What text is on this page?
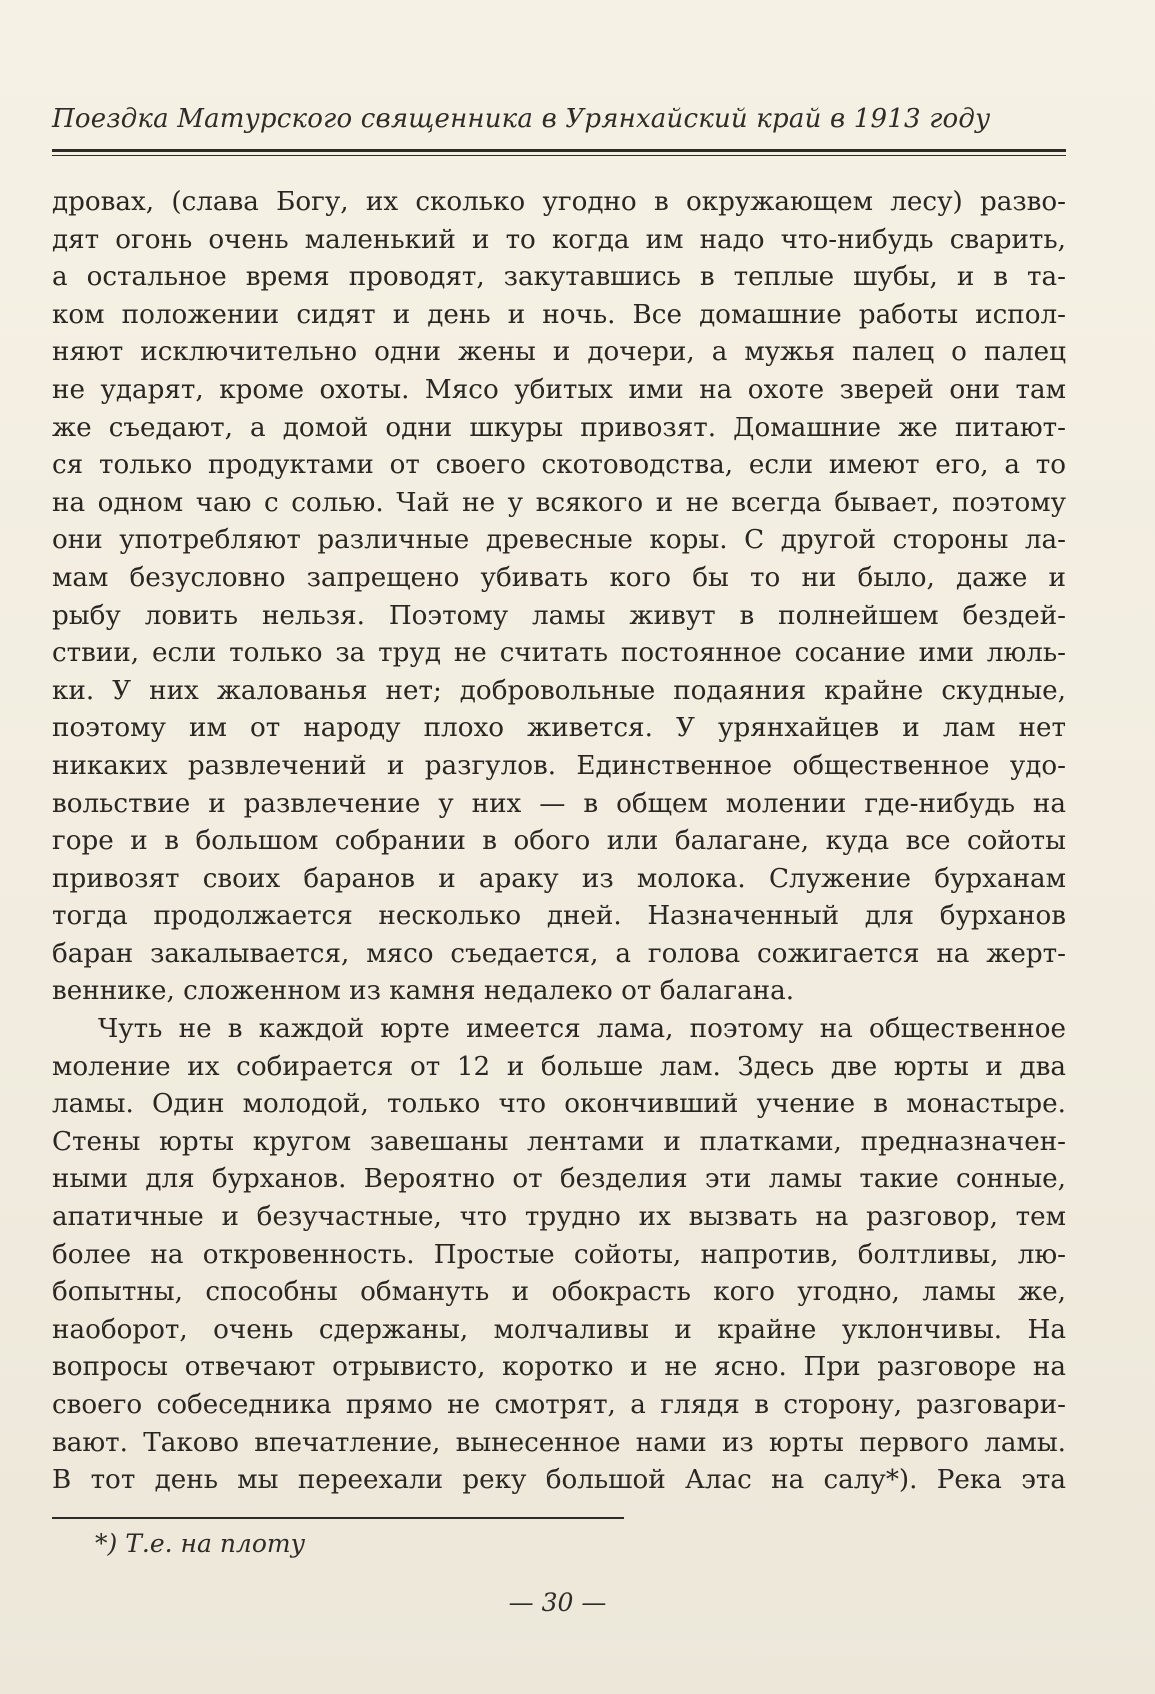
Поездка Матурского священника в Урянхайский край в 1913 году
дровах, (слава Богу, их сколько угодно в окружающем лесу) разво-
дят огонь очень маленький и то когда им надо что-нибудь сварить,
а остальное время проводят, закутавшись в теплые шубы, и в та-
ком положении сидят и день и ночь. Все домашние работы испол-
няют исключительно одни жены и дочери, а мужья палец о палец
не ударят, кроме охоты. Мясо убитых ими на охоте зверей они там
же съедают, а домой одни шкуры привозят. Домашние же питают-
ся только продуктами от своего скотоводства, если имеют его, а то
на одном чаю с солью. Чай не у всякого и не всегда бывает, поэтому
они употребляют различные древесные коры. С другой стороны ла-
мам безусловно запрещено убивать кого бы то ни было, даже и
рыбу ловить нельзя. Поэтому ламы живут в полнейшем бездей-
ствии, если только за труд не считать постоянное сосание ими люль-
ки. У них жалованья нет; добровольные подаяния крайне скудные,
поэтому им от народу плохо живется. У урянхайцев и лам нет
никаких развлечений и разгулов. Единственное общественное удо-
вольствие и развлечение у них — в общем молении где-нибудь на
горе и в большом собрании в обого или балагане, куда все сойоты
привозят своих баранов и араку из молока. Служение бурханам
тогда продолжается несколько дней. Назначенный для бурханов
баран закалывается, мясо съедается, а голова сожигается на жерт-
веннике, сложенном из камня недалеко от балагана.
Чуть не в каждой юрте имеется лама, поэтому на общественное
моление их собирается от 12 и больше лам. Здесь две юрты и два
ламы. Один молодой, только что окончивший учение в монастыре.
Стены юрты кругом завешаны лентами и платками, предназначен-
ными для бурханов. Вероятно от безделия эти ламы такие сонные,
апатичные и безучастные, что трудно их вызвать на разговор, тем
более на откровенность. Простые сойоты, напротив, болтливы, лю-
бопытны, способны обмануть и обокрасть кого угодно, ламы же,
наоборот, очень сдержаны, молчаливы и крайне уклончивы. На
вопросы отвечают отрывисто, коротко и не ясно. При разговоре на
своего собеседника прямо не смотрят, а глядя в сторону, разговари-
вают. Таково впечатление, вынесенное нами из юрты первого ламы.
В тот день мы переехали реку большой Алас на салу*). Река эта
*) Т.е. на плоту
— 30 —
